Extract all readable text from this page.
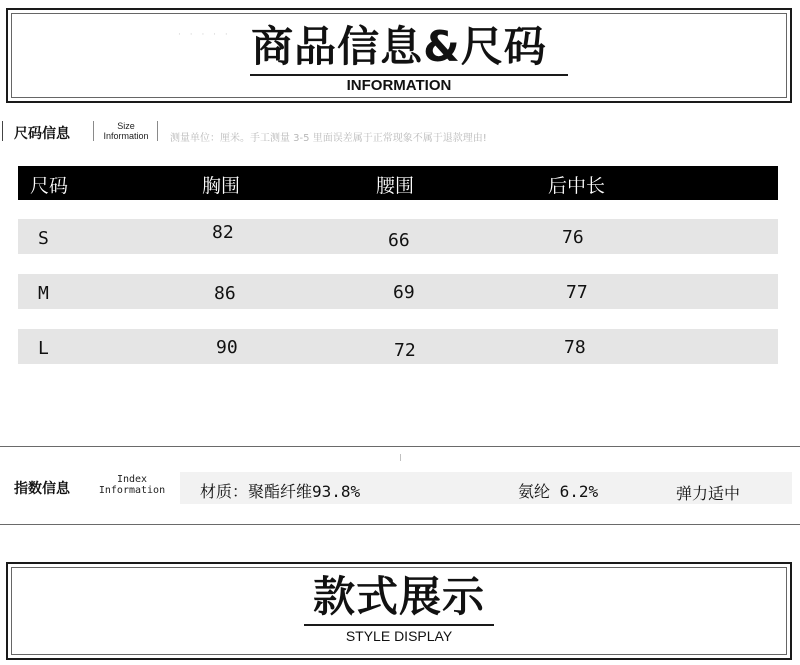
· · · · · 商品信息&尺码
INFORMATION
尺码信息	Size
Information	测量单位：厘米。手工测量 3-5 里面误差属于正常现象不属于退款理由!
尺码	胸围	腰围	后中长
S	82	66	76
M	86	69	77
L	90	72	78
指数信息
Index
Information	材质：聚酯纤维93.8%	氨纶 6.2%	弹力适中
款式展示
STYLE DISPLAY
